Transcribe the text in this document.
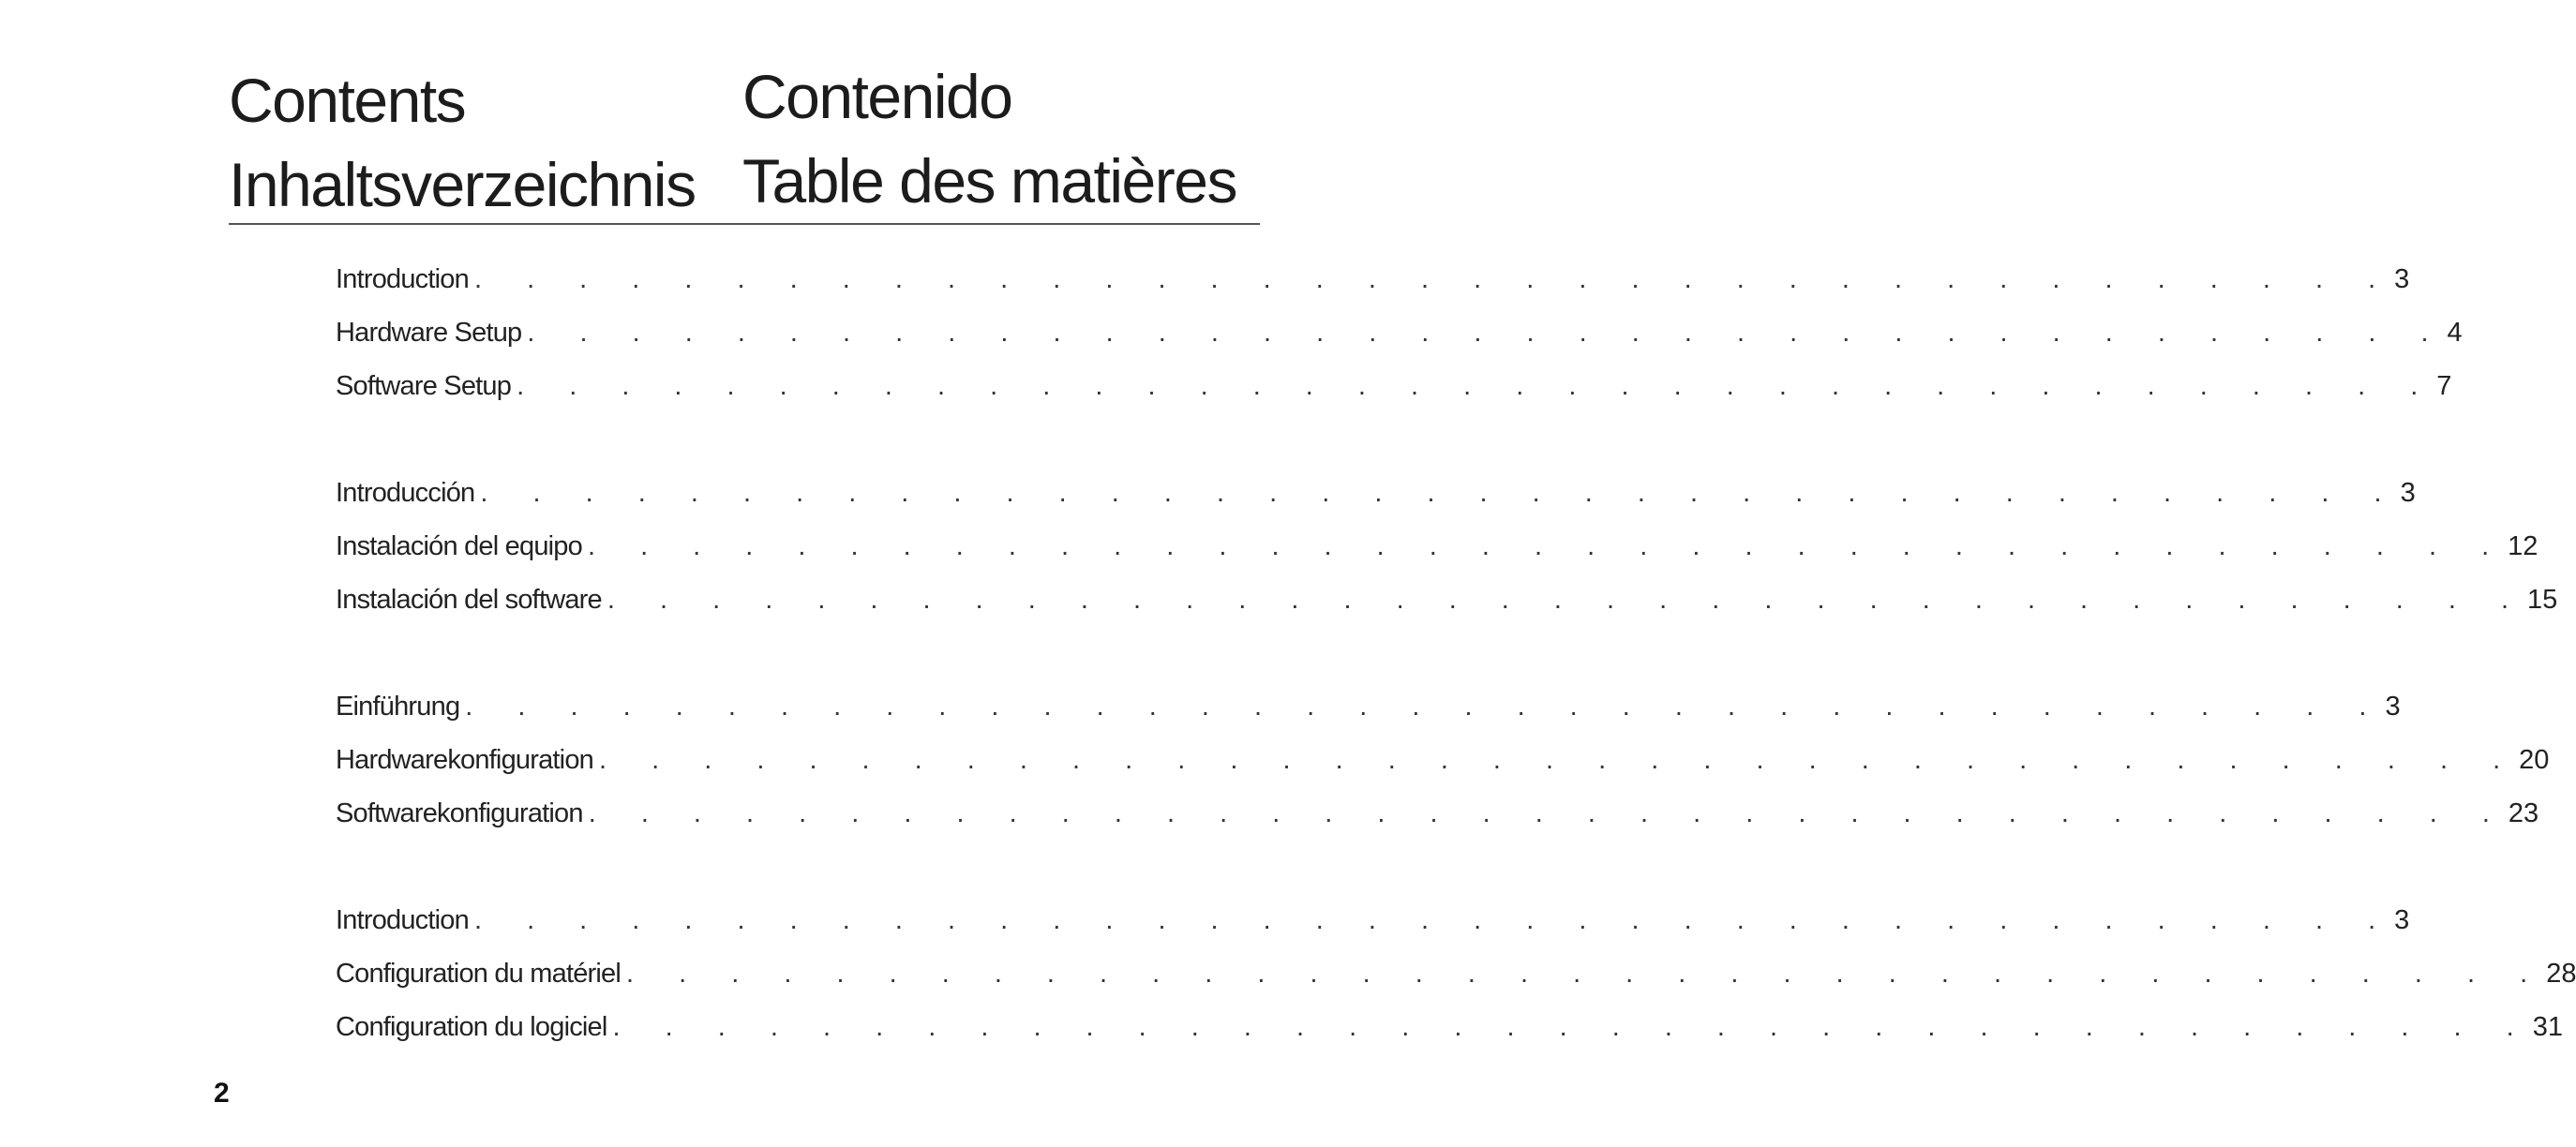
Contents	Contenido
Inhaltsverzeichnis Table des matières
Introduction . . . . . . . . . . . . . . . . . . . . . . . . . . . . . . . . . . . . . 3
Hardware Setup . . . . . . . . . . . . . . . . . . . . . . . . . . . . . . . . . . . . . 4
Software Setup . . . . . . . . . . . . . . . . . . . . . . . . . . . . . . . . . . . . . 7
Introducción . . . . . . . . . . . . . . . . . . . . . . . . . . . . . . . . . . . . . 3
Instalación del equipo . . . . . . . . . . . . . . . . . . . . . . . . . . . . . . . . . . . . . 12
Instalación del software . . . . . . . . . . . . . . . . . . . . . . . . . . . . . . . . . . . . . 15
Einführung . . . . . . . . . . . . . . . . . . . . . . . . . . . . . . . . . . . . . 3
Hardwarekonfiguration . . . . . . . . . . . . . . . . . . . . . . . . . . . . . . . . . . . . . 20
Softwarekonfiguration . . . . . . . . . . . . . . . . . . . . . . . . . . . . . . . . . . . . . 23
Introduction . . . . . . . . . . . . . . . . . . . . . . . . . . . . . . . . . . . . . 3
Configuration du matériel . . . . . . . . . . . . . . . . . . . . . . . . . . . . . . . . . . . . . 28
Configuration du logiciel . . . . . . . . . . . . . . . . . . . . . . . . . . . . . . . . . . . . . 31
2
